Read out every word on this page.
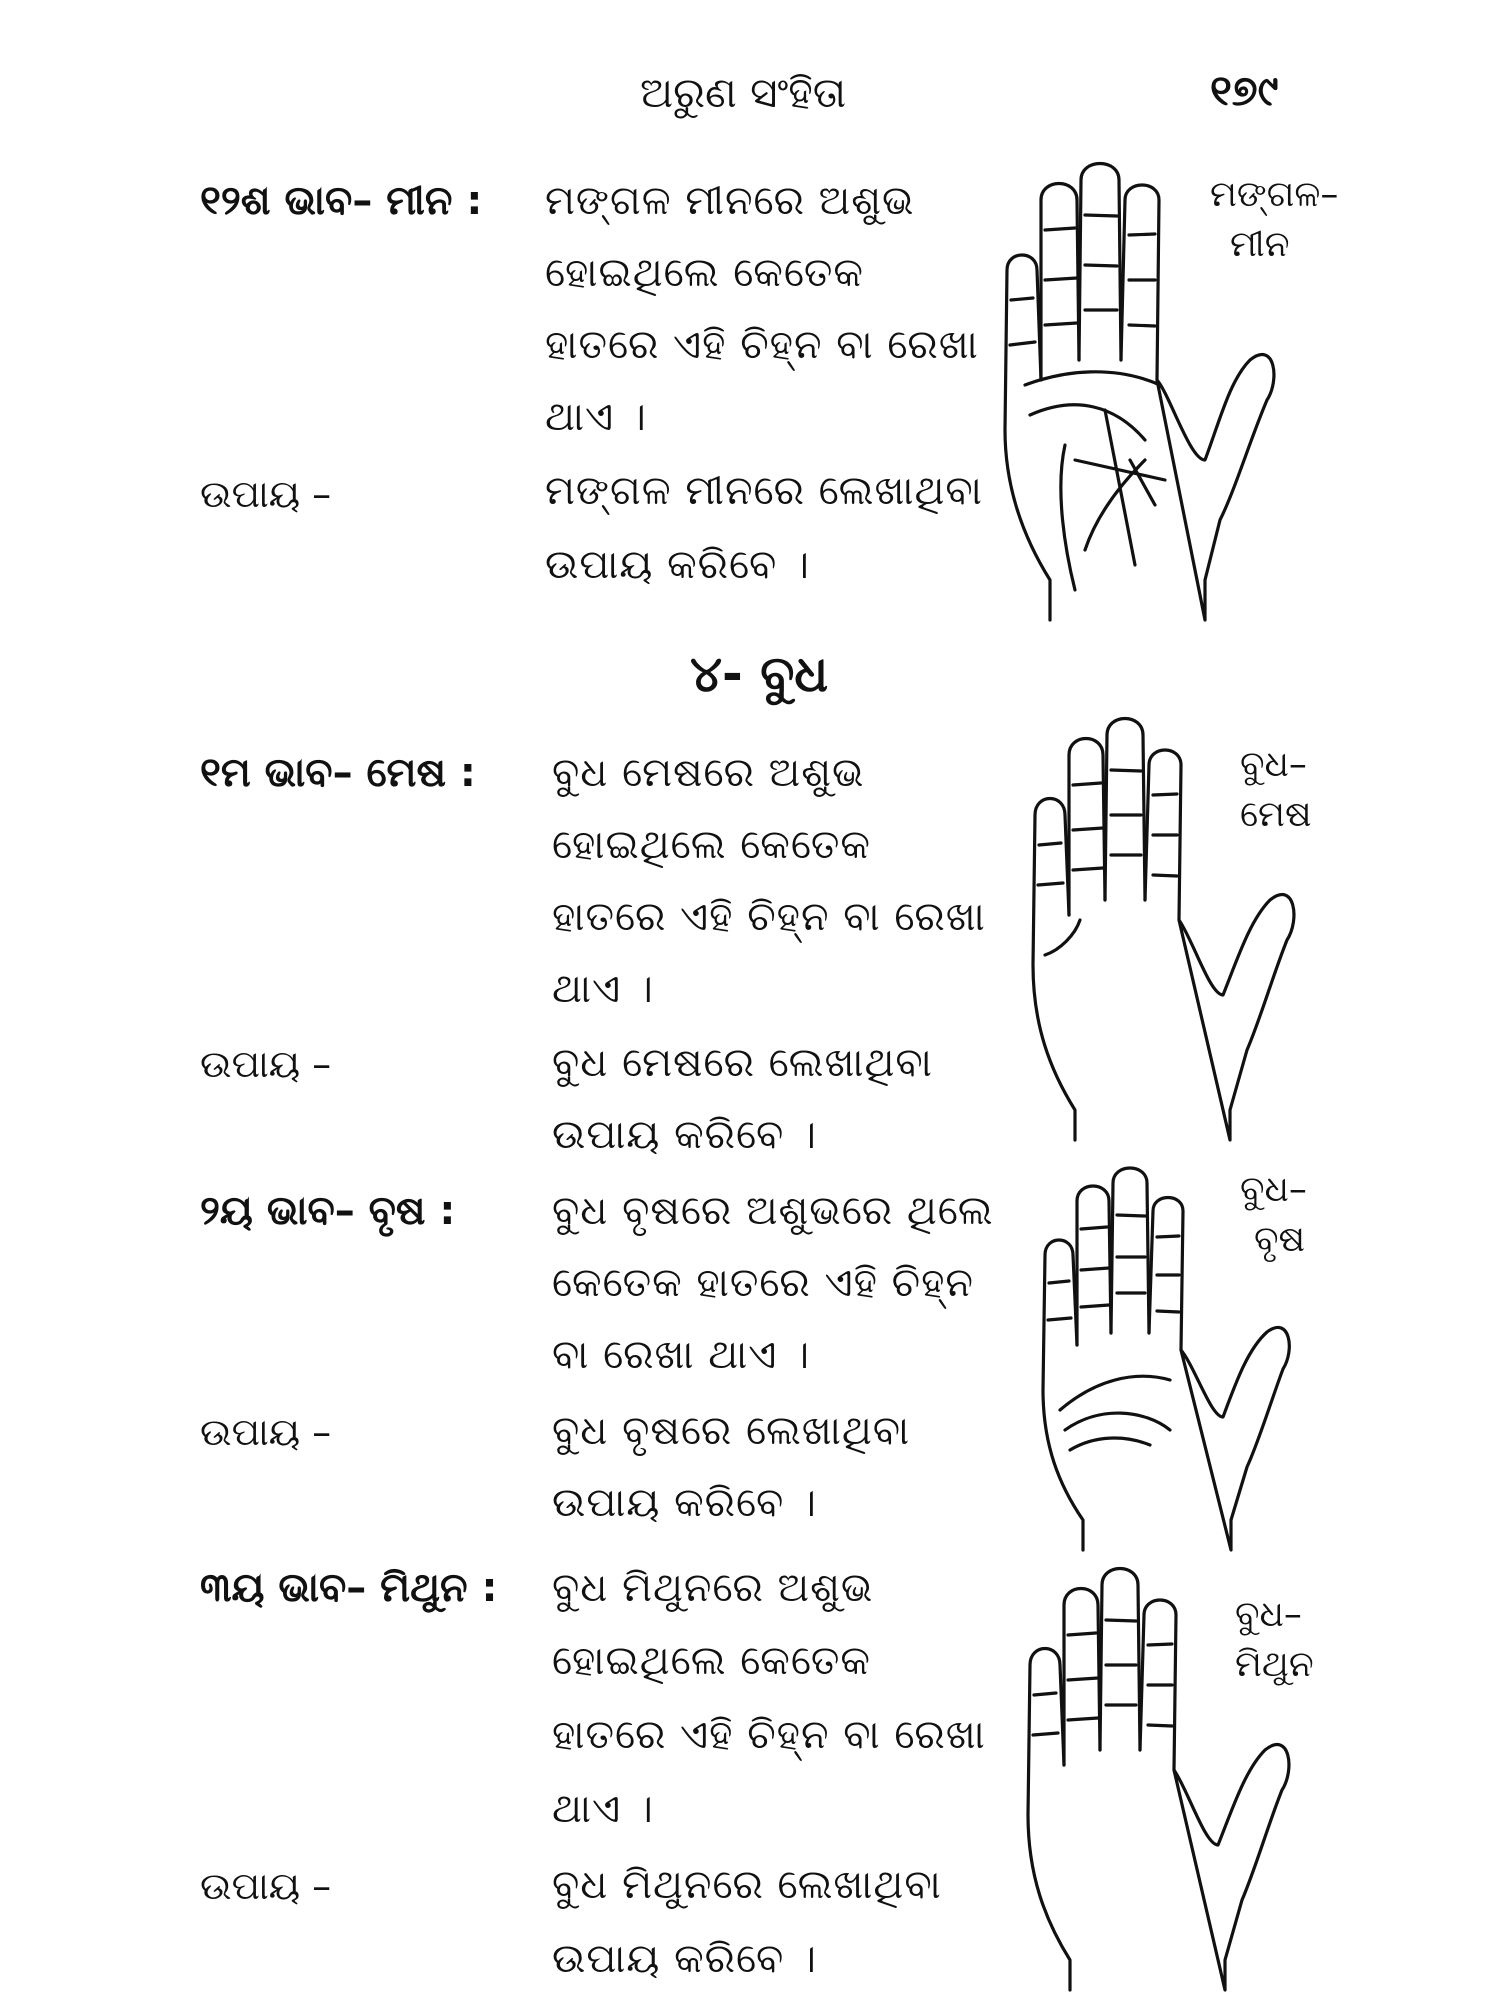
ଅରୁଣ ସଂହିତା	୧୭୯
୧୨ଶ ଭାବ– ମୀନ : ମଙ୍ଗଳ ମୀନରେ ଅଶୁଭ
ହୋଇଥିଲେ କେତେକ
ହାତରେ ଏହି ଚିହ୍ନ ବା ରେଖା
ଥାଏ ।
ଉପାୟ –	ମଙ୍ଗଳ ମୀନରେ ଲେଖାଥିବା
ଉପାୟ କରିବେ ।
ମଙ୍ଗଳ–
ମୀନ
୪- ବୁଧ
୧ମ ଭାବ– ମେଷ : ବୁଧ ମେଷରେ ଅଶୁଭ
ହୋଇଥିଲେ କେତେକ
ହାତରେ ଏହି ଚିହ୍ନ ବା ରେଖା
ଥାଏ ।
ଉପାୟ –	ବୁଧ ମେଷରେ ଲେଖାଥିବା
ଉପାୟ କରିବେ ।
ବୁଧ–
ମେଷ
୨ୟ ଭାବ– ବୃଷ : ବୁଧ ବୃଷରେ ଅଶୁଭରେ ଥିଲେ
କେତେକ ହାତରେ ଏହି ଚିହ୍ନ
ବା ରେଖା ଥାଏ ।
ଉପାୟ –	ବୁଧ ବୃଷରେ ଲେଖାଥିବା
ଉପାୟ କରିବେ ।
ବୁଧ–
ବୃଷ
୩ୟ ଭାବ– ମିଥୁନ : ବୁଧ ମିଥୁନରେ ଅଶୁଭ
ହୋଇଥିଲେ କେତେକ
ହାତରେ ଏହି ଚିହ୍ନ ବା ରେଖା
ଥାଏ ।
ଉପାୟ –	ବୁଧ ମିଥୁନରେ ଲେଖାଥିବା
ଉପାୟ କରିବେ ।
ବୁଧ–
ମିଥୁନ
